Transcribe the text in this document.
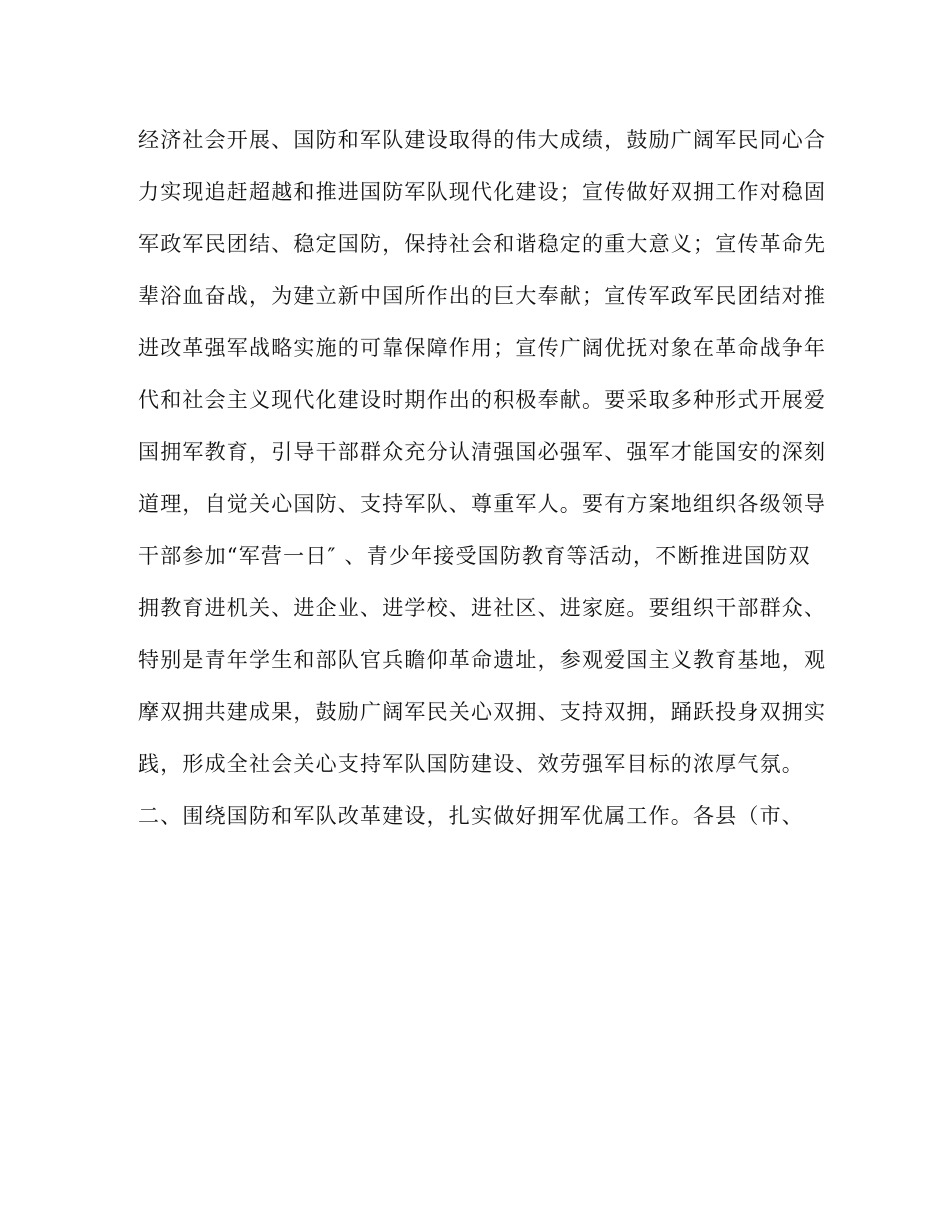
经济社会开展、国防和军队建设取得的伟大成绩，鼓励广阔军民同心合
力实现追赶超越和推进国防军队现代化建设；宣传做好双拥工作对稳固
军政军民团结、稳定国防，保持社会和谐稳定的重大意义；宣传革命先
辈浴血奋战，为建立新中国所作出的巨大奉献；宣传军政军民团结对推
进改革强军战略实施的可靠保障作用；宣传广阔优抚对象在革命战争年
代和社会主义现代化建设时期作出的积极奉献。要采取多种形式开展爱
国拥军教育，引导干部群众充分认清强国必强军、强军才能国安的深刻
道理，自觉关心国防、支持军队、尊重军人。要有方案地组织各级领导
干部参加“军营一日″ 、青少年接受国防教育等活动，不断推进国防双
拥教育进机关、进企业、进学校、进社区、进家庭。要组织干部群众、
特别是青年学生和部队官兵瞻仰革命遗址，参观爱国主义教育基地，观
摩双拥共建成果，鼓励广阔军民关心双拥、支持双拥，踊跃投身双拥实
践，形成全社会关心支持军队国防建设、效劳强军目标的浓厚气氛。
二、围绕国防和军队改革建设，扎实做好拥军优属工作。各县（市、
